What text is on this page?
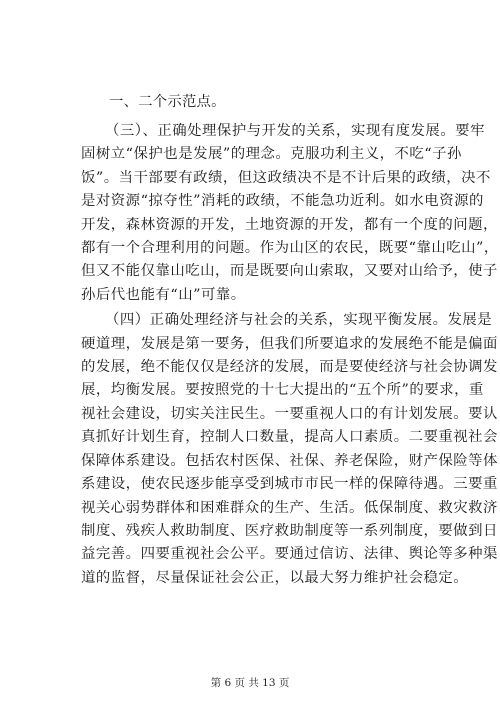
一、二个示范点。

（三）、正确处理保护与开发的关系，实现有度发展。要牢
固树立“保护也是发展”的理念。克服功利主义，不吃“子孙
饭”。当干部要有政绩，但这政绩决不是不计后果的政绩，决不
是对资源“掠夺性”消耗的政绩，不能急功近利。如水电资源的
开发，森林资源的开发，土地资源的开发，都有一个度的问题，
都有一个合理利用的问题。作为山区的农民，既要“靠山吃山”，
但又不能仅靠山吃山，而是既要向山索取，又要对山给予，使子
孙后代也能有“山”可靠。
（四）正确处理经济与社会的关系，实现平衡发展。发展是
硬道理，发展是第一要务，但我们所要追求的发展绝不能是偏面
的发展，绝不能仅仅是经济的发展，而是要使经济与社会协调发
展，均衡发展。要按照党的十七大提出的“五个所”的要求，重
视社会建设，切实关注民生。一要重视人口的有计划发展。要认
真抓好计划生育，控制人口数量，提高人口素质。二要重视社会
保障体系建设。包括农村医保、社保、养老保险，财产保险等体
系建设，使农民逐步能享受到城市市民一样的保障待遇。三要重
视关心弱势群体和困难群众的生产、生活。低保制度、救灾救济
制度、残疾人救助制度、医疗救助制度等一系列制度，要做到日
益完善。四要重视社会公平。要通过信访、法律、舆论等多种渠
道的监督，尽量保证社会公正，以最大努力维护社会稳定。
第 6 页 共 13 页
